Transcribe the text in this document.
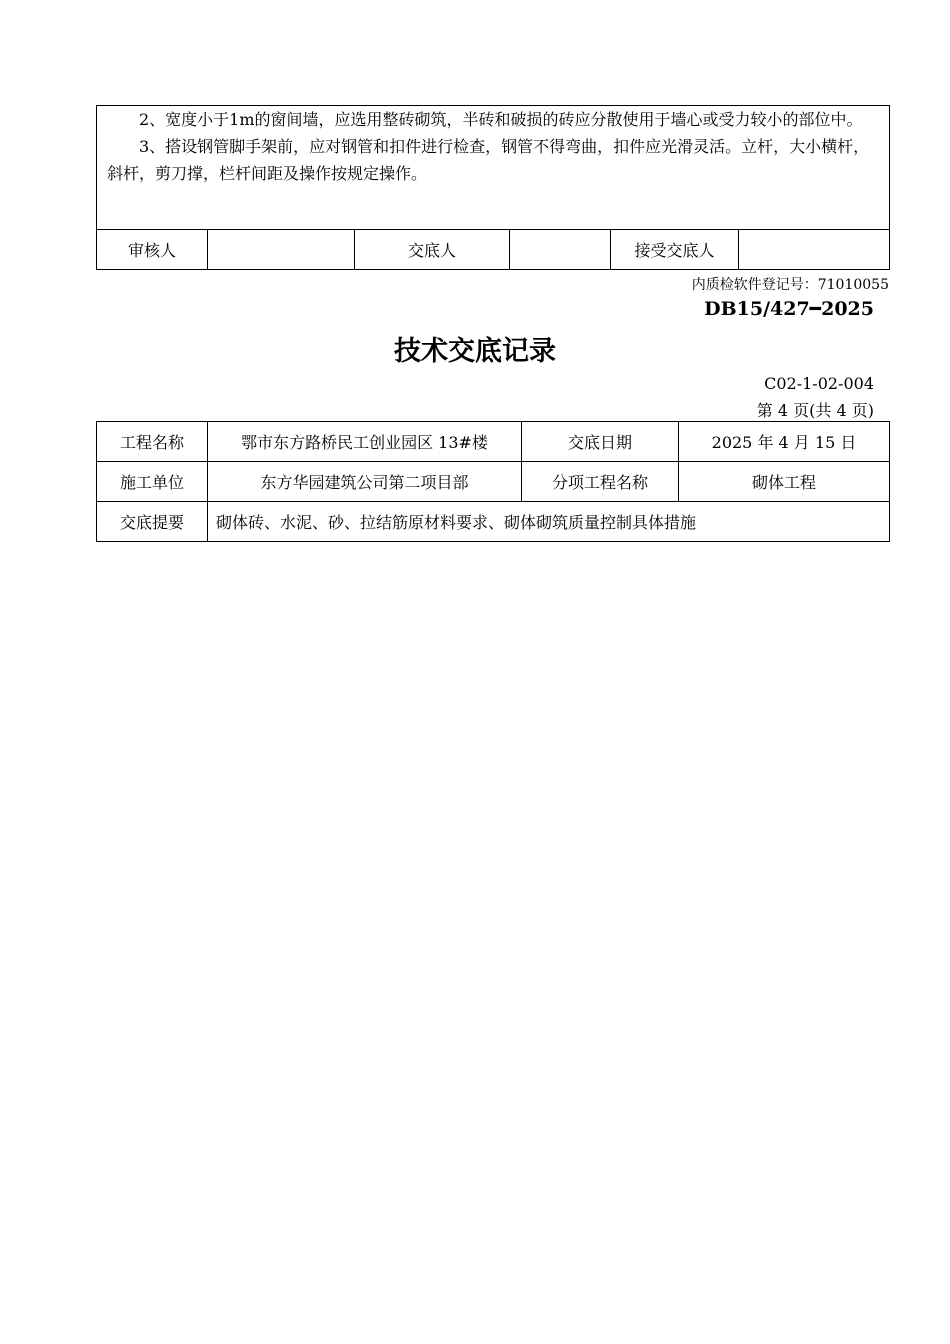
2、宽度小于1m的窗间墙，应选用整砖砌筑，半砖和破损的砖应分散使用于墙心或受力较小的部位中。

3、搭设钢管脚手架前，应对钢管和扣件进行检查，钢管不得弯曲，扣件应光滑灵活。立杆，大小横杆，斜杆，剪刀撑，栏杆间距及操作按规定操作。

审核人		交底人		接受交底人	
内质检软件登记号：71010055
DB15/427━2025
技术交底记录
C02-1-02-004
第 4 页(共 4 页)
工程名称	鄂市东方路桥民工创业园区 13#楼	交底日期	2025 年 4 月 15 日
施工单位	东方华园建筑公司第二项目部	分项工程名称	砌体工程
交底提要	砌体砖、水泥、砂、拉结筋原材料要求、砌体砌筑质量控制具体措施		
